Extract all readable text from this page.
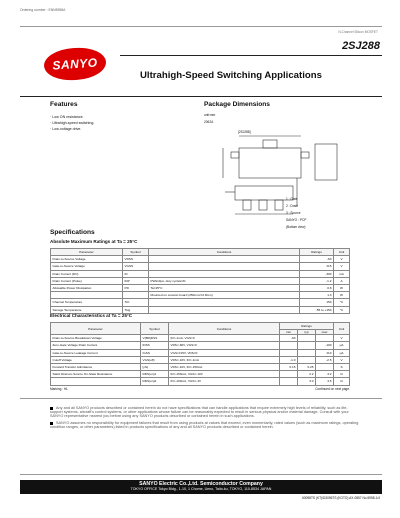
Ordering number : ENN5958A
N-Channel Silicon MOSFET
SANYO
2SJ288
Ultrahigh-Speed Switching Applications
Features
· Low ON resistance.
· Ultrahigh-speed switching.
· Low-voltage drive.
Package Dimensions
unit:mm
2062A
[2SJ288]
1 : Gate
2 : Drain
3 : Source
SANYO : PCP
(Bottom view)
Specifications
Absolute Maximum Ratings at Ta = 25°C
Parameter	Symbol	Conditions	Ratings	Unit
Drain-to-Source Voltage	VDSS		-60	V
Gate-to-Source Voltage	VGSS		±15	V
Drain Current (DC)	ID		-300	mA
Drain Current (Pulse)	IDP	PW≤10μs, duty cycle≤1%	-1.2	A
Allowable Power Dissipation	PD	Ta=25°C	0.8	W
		Mounted on ceramic board (250mm²×0.8mm)	1.3	W
Channel Temperature	Tch		150	°C
Storage Temperature	Tstg		-55 to +150	°C
Electrical Characteristics at Ta = 25°C
Parameter	Symbol	Conditions	Ratings			Unit
			min	typ	max	
Drain-to-Source Breakdown Voltage	V(BR)DSS	ID=-1mA, VGS=0	-60			V
Zero-Gate Voltage Drain Current	IDSS	VDS=-60V, VGS=0			-100	μA
Gate-to-Source Leakage Current	IGSS	VGS=±15V, VDS=0			±10	μA
Cutoff Voltage	VGS(off)	VDS=-10V, ID=-1mA	-1.0		-2.5	V
Forward Transfer Admittance	|yfs|	VDS=-10V, ID=-150mA	0.15	0.25		S
Static Drain-to-Source On-State Resistance	RDS(on)1	ID=-150mA, VGS=-10V		2.2	3.2	Ω
	RDS(on)2	ID=-100mA, VGS=-4V		3.0	4.5	Ω
Marking : HL	Continued on next page.
Any and all SANYO products described or contained herein do not have specifications that can handle applications that require extremely high levels of reliability, such as life-support systems, aircraft's control systems, or other applications whose failure can be reasonably expected to result in serious physical and/or material damage. Consult with your SANYO representative nearest you before using any SANYO products described or contained herein in such applications.
SANYO assumes no responsibility for equipment failures that result from using products at values that exceed, even momentarily, rated values (such as maximum ratings, operating condition ranges, or other parameters) listed in products specifications of any and all SANYO products described or contained herein.
SANYO Electric Co.,Ltd. Semiconductor Company
TOKYO OFFICE Tokyo Bldg., 1-10, 1 Chome, Ueno, Taito-ku, TOKYO, 110-8534 JAPAN
63098TS (KT)/D3096TS (KOTO) AX-0857 No.5958-1/4
